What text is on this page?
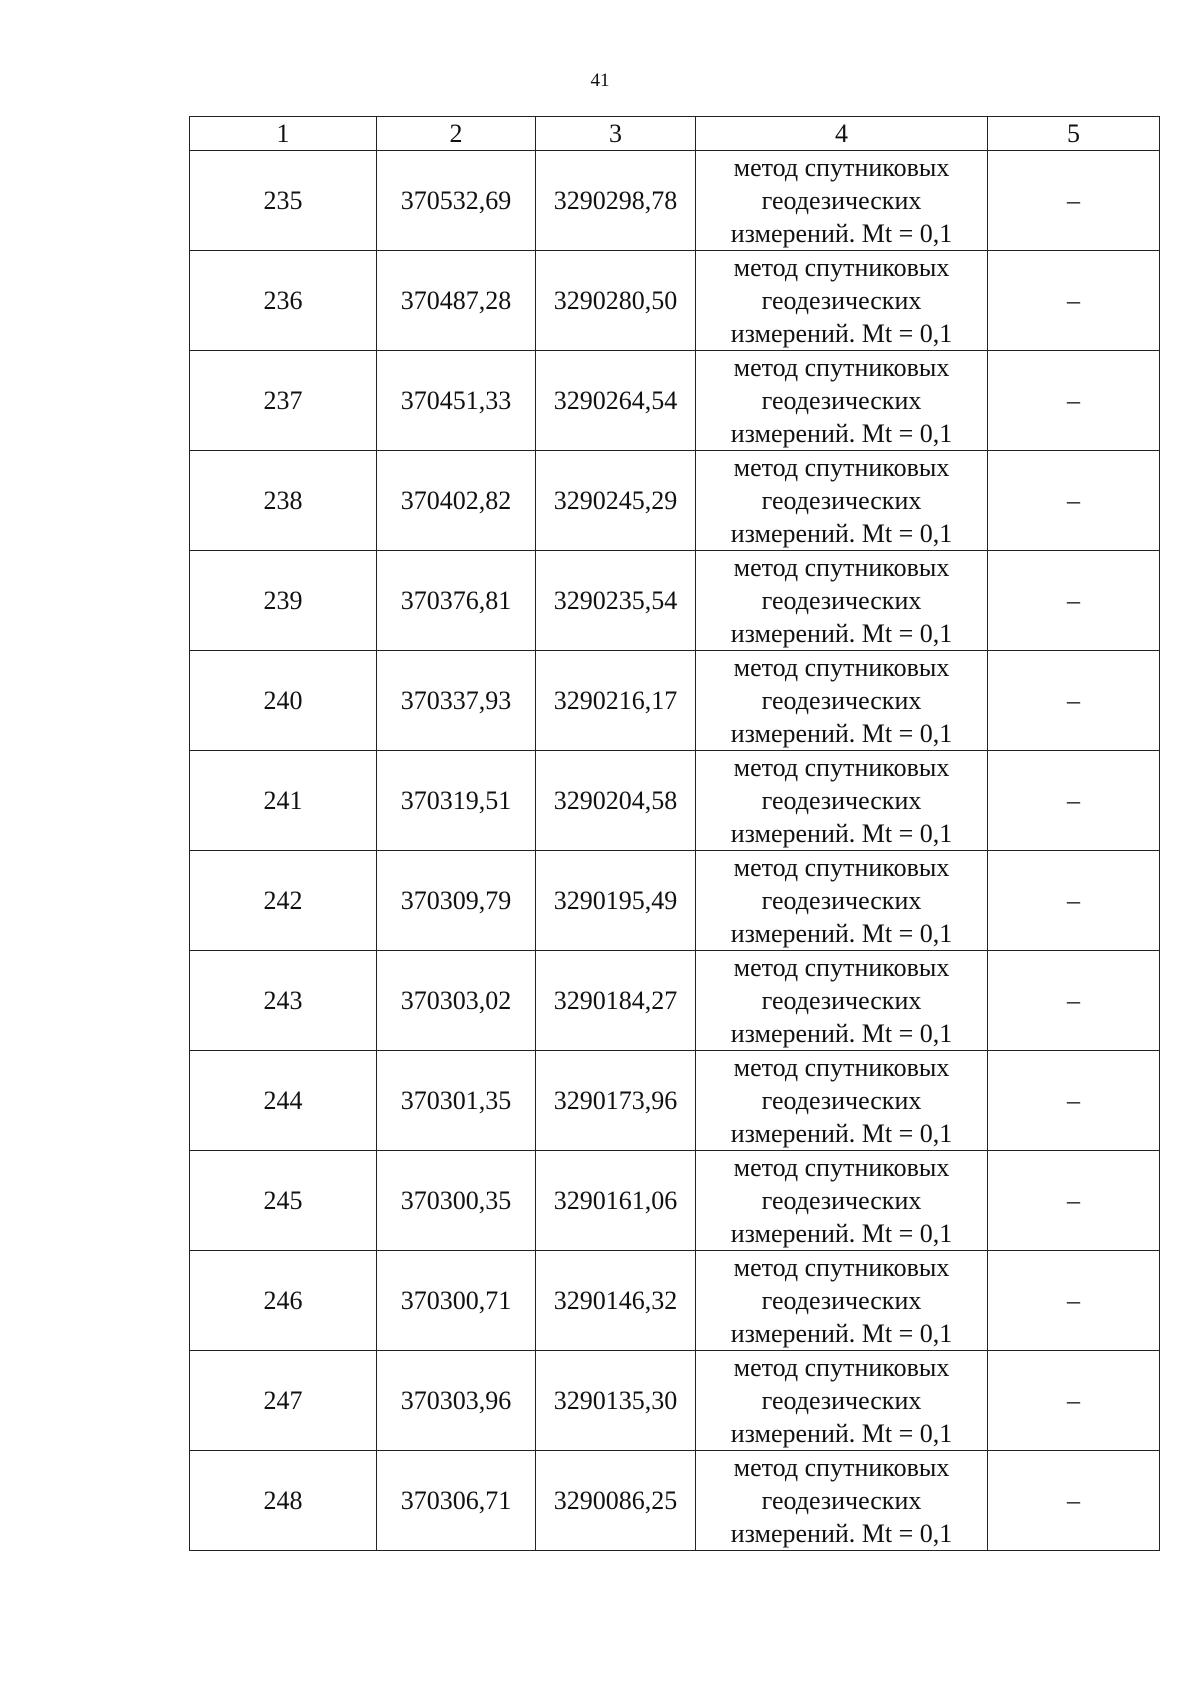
41
1	2	3	4	5
235	370532,69	3290298,78	метод спутниковых
геодезических
измерений. Mt = 0,1	–
236	370487,28	3290280,50	метод спутниковых
геодезических
измерений. Mt = 0,1	–
237	370451,33	3290264,54	метод спутниковых
геодезических
измерений. Mt = 0,1	–
238	370402,82	3290245,29	метод спутниковых
геодезических
измерений. Mt = 0,1	–
239	370376,81	3290235,54	метод спутниковых
геодезических
измерений. Mt = 0,1	–
240	370337,93	3290216,17	метод спутниковых
геодезических
измерений. Mt = 0,1	–
241	370319,51	3290204,58	метод спутниковых
геодезических
измерений. Mt = 0,1	–
242	370309,79	3290195,49	метод спутниковых
геодезических
измерений. Mt = 0,1	–
243	370303,02	3290184,27	метод спутниковых
геодезических
измерений. Mt = 0,1	–
244	370301,35	3290173,96	метод спутниковых
геодезических
измерений. Mt = 0,1	–
245	370300,35	3290161,06	метод спутниковых
геодезических
измерений. Mt = 0,1	–
246	370300,71	3290146,32	метод спутниковых
геодезических
измерений. Mt = 0,1	–
247	370303,96	3290135,30	метод спутниковых
геодезических
измерений. Mt = 0,1	–
248	370306,71	3290086,25	метод спутниковых
геодезических
измерений. Mt = 0,1	–
